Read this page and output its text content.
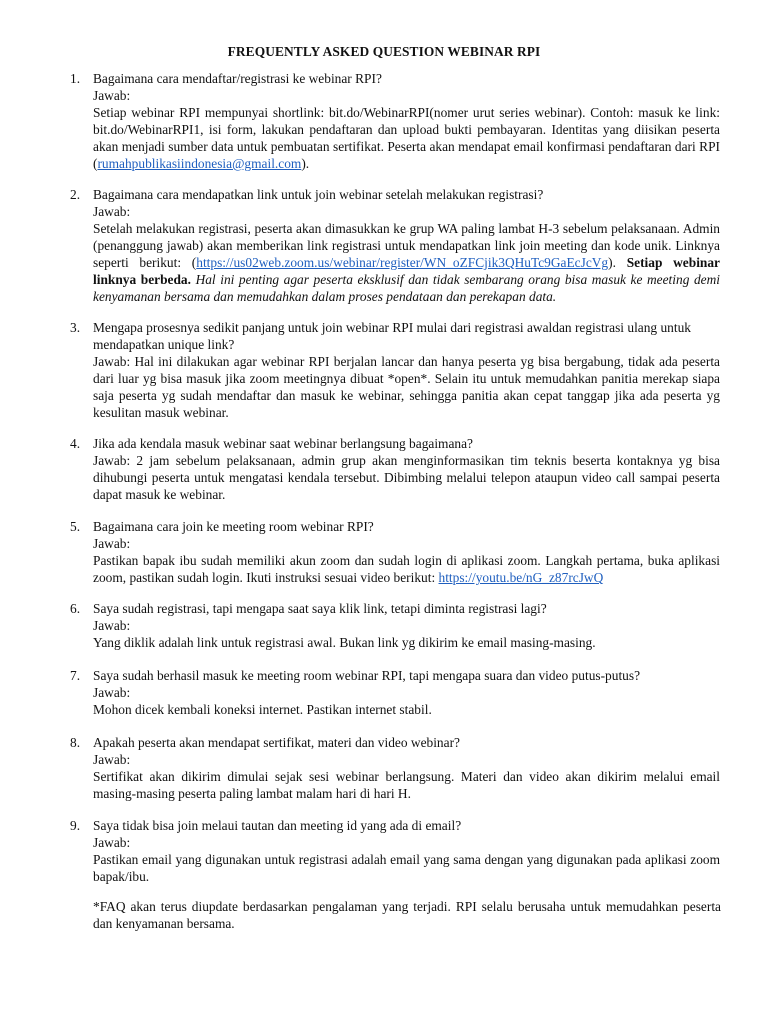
FREQUENTLY ASKED QUESTION WEBINAR RPI
1. Bagaimana cara mendaftar/registrasi ke webinar RPI?

Jawab:

Setiap webinar RPI mempunyai shortlink: bit.do/WebinarRPI(nomer urut series webinar). Contoh: masuk ke link: bit.do/WebinarRPI1, isi form, lakukan pendaftaran dan upload bukti pembayaran. Identitas yang diisikan peserta akan menjadi sumber data untuk pembuatan sertifikat. Peserta akan mendapat email konfirmasi pendaftaran dari RPI (rumahpublikasiindonesia@gmail.com).

2. Bagaimana cara mendapatkan link untuk join webinar setelah melakukan registrasi?

Jawab:

Setelah melakukan registrasi, peserta akan dimasukkan ke grup WA paling lambat H-3 sebelum pelaksanaan. Admin (penanggung jawab) akan memberikan link registrasi untuk mendapatkan link join meeting dan kode unik. Linknya seperti berikut: (https://us02web.zoom.us/webinar/register/WN_oZFCjik3QHuTc9GaEcJcVg). Setiap webinar linknya berbeda. Hal ini penting agar peserta eksklusif dan tidak sembarang orang bisa masuk ke meeting demi kenyamanan bersama dan memudahkan dalam proses pendataan dan perekapan data.

3. Mengapa prosesnya sedikit panjang untuk join webinar RPI mulai dari registrasi awaldan registrasi ulang untuk mendapatkan unique link?

Jawab: Hal ini dilakukan agar webinar RPI berjalan lancar dan hanya peserta yg bisa bergabung, tidak ada peserta dari luar yg bisa masuk jika zoom meetingnya dibuat *open*. Selain itu untuk memudahkan panitia merekap siapa saja peserta yg sudah mendaftar dan masuk ke webinar, sehingga panitia akan cepat tanggap jika ada peserta yg kesulitan masuk webinar.

4. Jika ada kendala masuk webinar saat webinar berlangsung bagaimana?

Jawab: 2 jam sebelum pelaksanaan, admin grup akan menginformasikan tim teknis beserta kontaknya yg bisa dihubungi peserta untuk mengatasi kendala tersebut. Dibimbing melalui telepon ataupun video call sampai peserta dapat masuk ke webinar.

5. Bagaimana cara join ke meeting room webinar RPI?

Jawab:

Pastikan bapak ibu sudah memiliki akun zoom dan sudah login di aplikasi zoom. Langkah pertama, buka aplikasi zoom, pastikan sudah login. Ikuti instruksi sesuai video berikut: https://youtu.be/nG_z87rcJwQ

6. Saya sudah registrasi, tapi mengapa saat saya klik link, tetapi diminta registrasi lagi?

Jawab:

Yang diklik adalah link untuk registrasi awal. Bukan link yg dikirim ke email masing-masing.

7. Saya sudah berhasil masuk ke meeting room webinar RPI, tapi mengapa suara dan video putus-putus?

Jawab:

Mohon dicek kembali koneksi internet. Pastikan internet stabil.

8. Apakah peserta akan mendapat sertifikat, materi dan video webinar?

Jawab:

Sertifikat akan dikirim dimulai sejak sesi webinar berlangsung. Materi dan video akan dikirim melalui email masing-masing peserta paling lambat malam hari di hari H.

9. Saya tidak bisa join melaui tautan dan meeting id yang ada di email?

Jawab:

Pastikan email yang digunakan untuk registrasi adalah email yang sama dengan yang digunakan pada aplikasi zoom bapak/ibu.

*FAQ akan terus diupdate berdasarkan pengalaman yang terjadi. RPI selalu berusaha untuk memudahkan peserta dan kenyamanan bersama.
